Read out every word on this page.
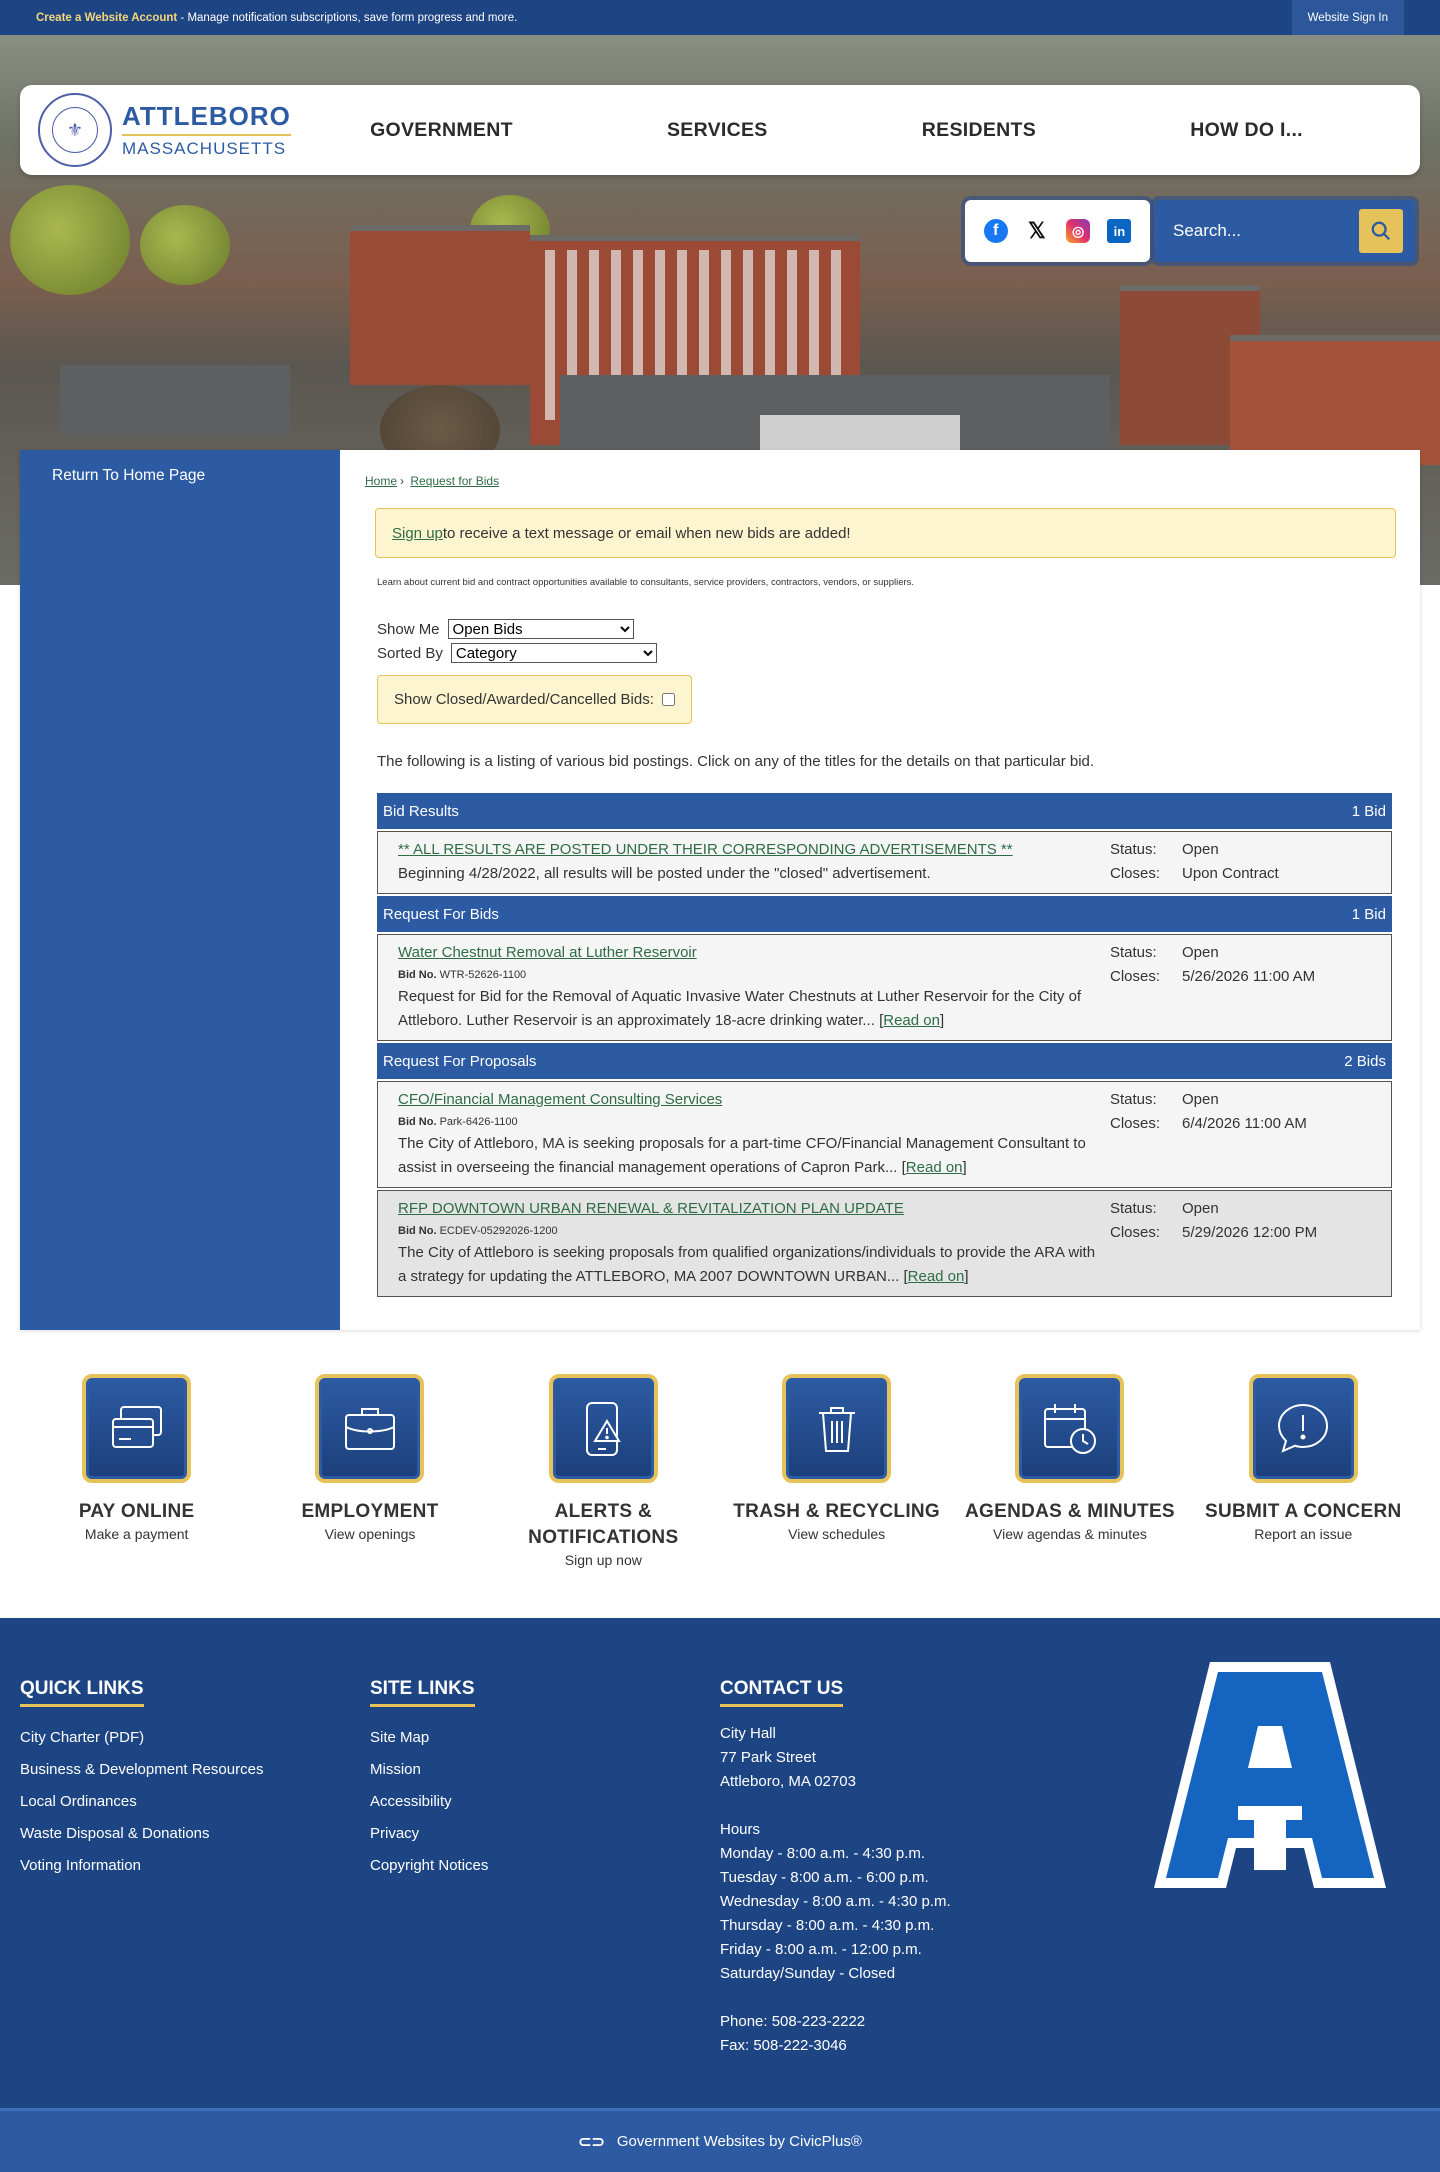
Create a Website Account - Manage notification subscriptions, save form progress and more.	Website Sign In
⚜	ATTLEBORO
MASSACHUSETTS
GOVERNMENT	SERVICES	RESIDENTS	HOW DO I...
f	𝕏	◎	in	Search...
Return To Home Page	Home › Request for Bids
Sign up to receive a text message or email when new bids are added!
Learn about current bid and contract opportunities available to consultants, service providers, contractors, vendors, or suppliers.
Show Me
Open Bids
Sorted By
Category
Show Closed/Awarded/Cancelled Bids:
The following is a listing of various bid postings. Click on any of the titles for the details on that particular bid.
Bid Results	1 Bid
** ALL RESULTS ARE POSTED UNDER THEIR CORRESPONDING ADVERTISEMENTS **
Beginning 4/28/2022, all results will be posted under the "closed" advertisement.
Status: Open
Closes: Upon Contract
Request For Bids	1 Bid
Water Chestnut Removal at Luther Reservoir
Bid No. WTR-52626-1100
Request for Bid for the Removal of Aquatic Invasive Water Chestnuts at Luther Reservoir for the City of Attleboro. Luther Reservoir is an approximately 18-acre drinking water... [Read on]
Status: Open
Closes: 5/26/2026 11:00 AM
Request For Proposals	2 Bids
CFO/Financial Management Consulting Services
Bid No. Park-6426-1100
The City of Attleboro, MA is seeking proposals for a part-time CFO/Financial Management Consultant to assist in overseeing the financial management operations of Capron Park... [Read on]
Status: Open
Closes: 6/4/2026 11:00 AM
RFP DOWNTOWN URBAN RENEWAL & REVITALIZATION PLAN UPDATE
Bid No. ECDEV-05292026-1200
The City of Attleboro is seeking proposals from qualified organizations/individuals to provide the ARA with a strategy for updating the ATTLEBORO, MA 2007 DOWNTOWN URBAN... [Read on]
Status: Open
Closes: 5/29/2026 12:00 PM
PAY ONLINE
Make a payment
EMPLOYMENT
View openings
ALERTS & NOTIFICATIONS
Sign up now
TRASH & RECYCLING
View schedules
AGENDAS & MINUTES
View agendas & minutes
SUBMIT A CONCERN
Report an issue
QUICK LINKS
City Charter (PDF)
Business & Development Resources
Local Ordinances
Waste Disposal & Donations
Voting Information
SITE LINKS
Site Map
Mission
Accessibility
Privacy
Copyright Notices
CONTACT US
City Hall
77 Park Street
Attleboro, MA 02703
Hours
Monday - 8:00 a.m. - 4:30 p.m.
Tuesday - 8:00 a.m. - 6:00 p.m.
Wednesday - 8:00 a.m. - 4:30 p.m.
Thursday - 8:00 a.m. - 4:30 p.m.
Friday - 8:00 a.m. - 12:00 p.m.
Saturday/Sunday - Closed
Phone: 508-223-2222
Fax: 508-222-3046
⊂⊃ Government Websites by CivicPlus®
